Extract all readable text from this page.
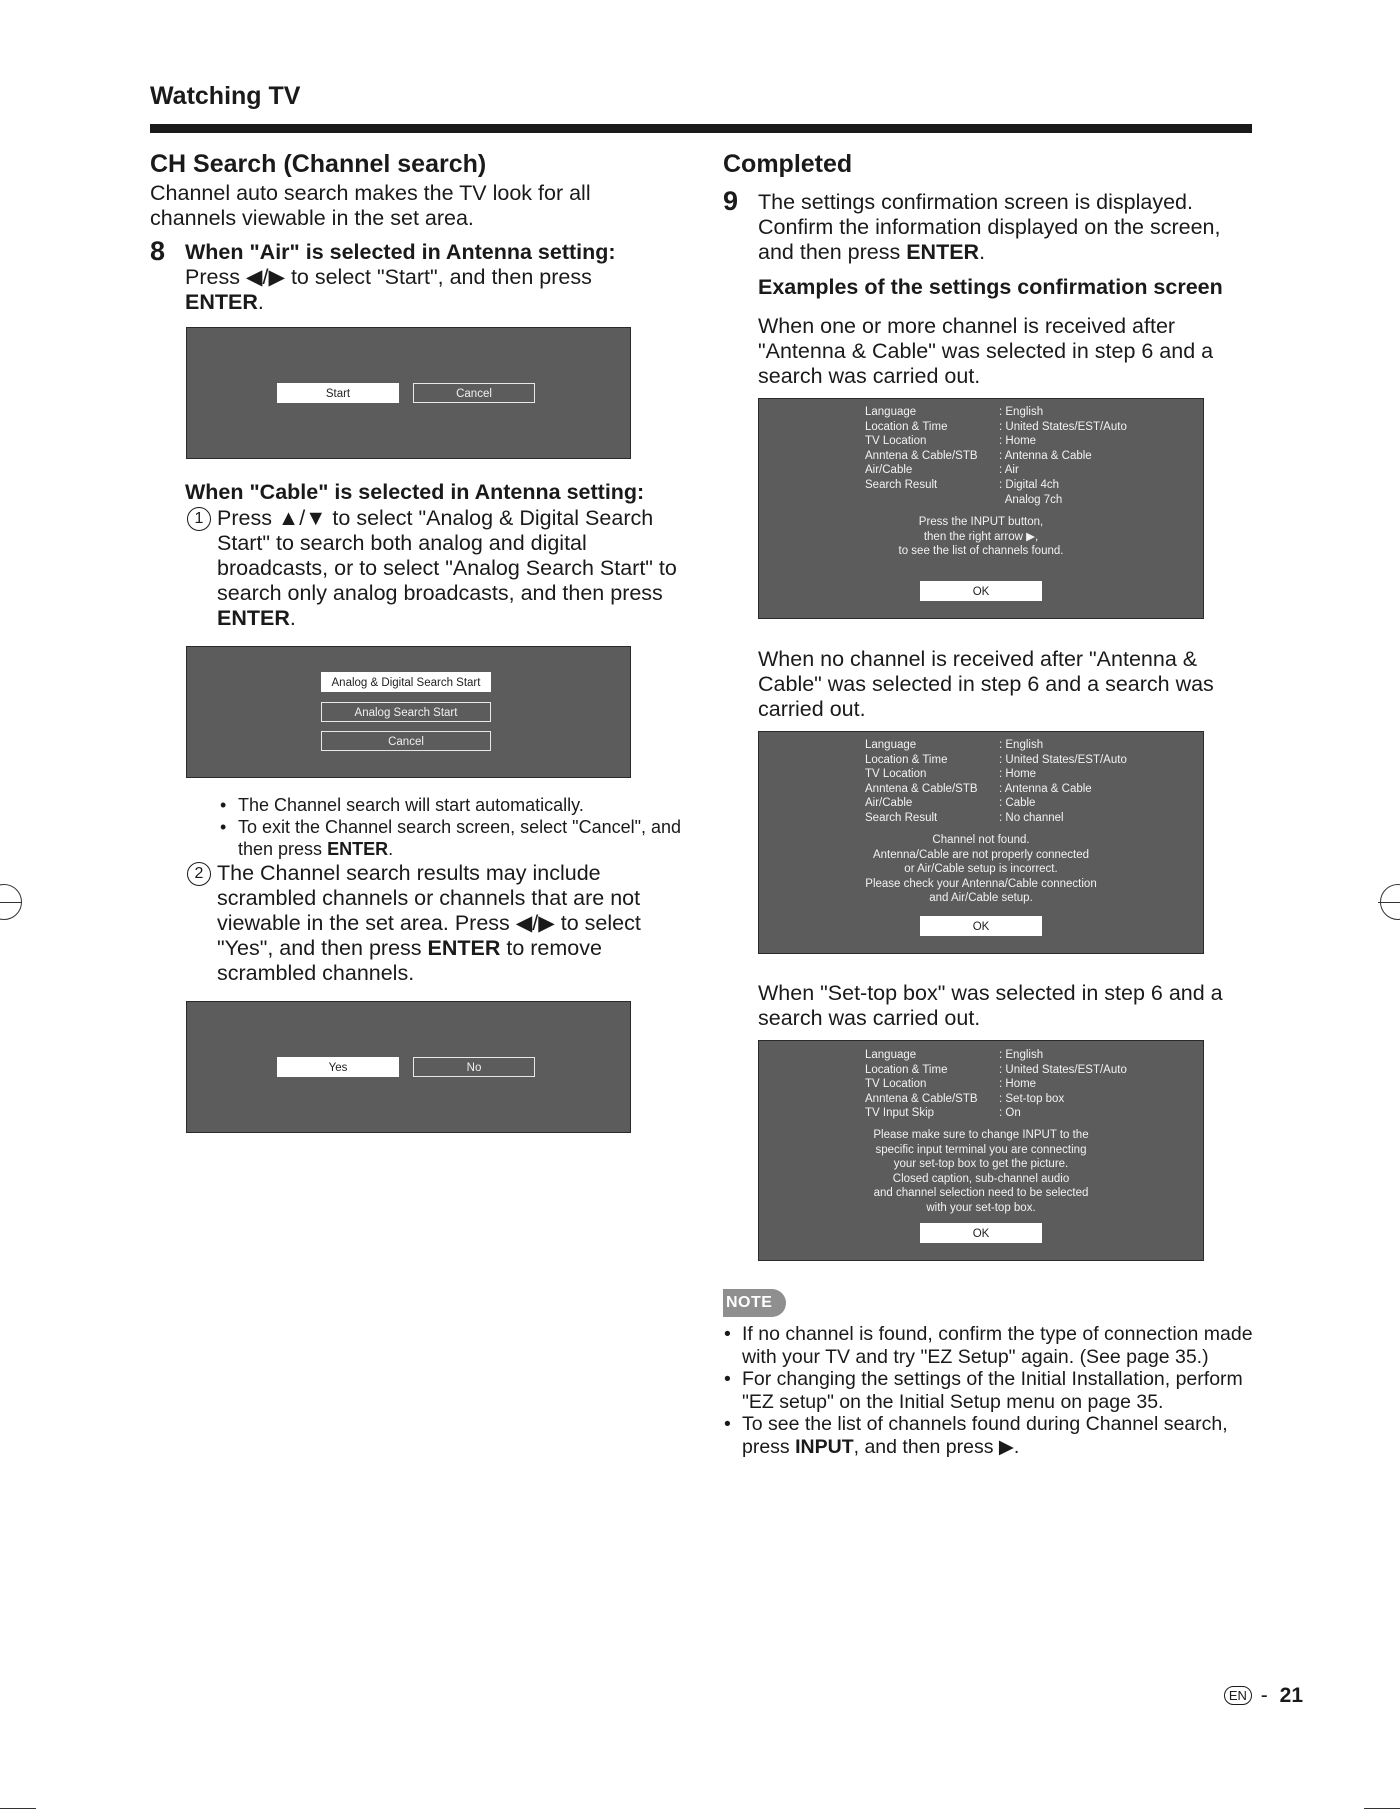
Watching TV
CH Search (Channel search)
Channel auto search makes the TV look for all channels viewable in the set area.
8 When "Air" is selected in Antenna setting:
Press ◀/▶ to select "Start", and then press ENTER.
Start	Cancel
When "Cable" is selected in Antenna setting:
1 Press ▲/▼ to select "Analog & Digital Search Start" to search both analog and digital broadcasts, or to select "Analog Search Start" to search only analog broadcasts, and then press ENTER.
Analog & Digital Search Start
Analog Search Start
Cancel
• The Channel search will start automatically.
• To exit the Channel search screen, select "Cancel", and then press ENTER.
2 The Channel search results may include scrambled channels or channels that are not viewable in the set area. Press ◀/▶ to select "Yes", and then press ENTER to remove scrambled channels.
Yes	No
Completed
9 The settings confirmation screen is displayed. Confirm the information displayed on the screen, and then press ENTER.
Examples of the settings confirmation screen
When one or more channel is received after "Antenna & Cable" was selected in step 6 and a search was carried out.
Language	: English
Location & Time	: United States/EST/Auto
TV Location	: Home
Anntena & Cable/STB	: Antenna & Cable
Air/Cable	: Air
Search Result	: Digital 4ch
Analog 7ch
Press the INPUT button,
then the right arrow ▶,
to see the list of channels found.
OK
When no channel is received after "Antenna & Cable" was selected in step 6 and a search was carried out.
Language	: English
Location & Time	: United States/EST/Auto
TV Location	: Home
Anntena & Cable/STB	: Antenna & Cable
Air/Cable	: Cable
Search Result	: No channel
Channel not found.
Antenna/Cable are not properly connected
or Air/Cable setup is incorrect.
Please check your Antenna/Cable connection
and Air/Cable setup.
OK
When "Set-top box" was selected in step 6 and a search was carried out.
Language	: English
Location & Time	: United States/EST/Auto
TV Location	: Home
Anntena & Cable/STB	: Set-top box
TV Input Skip	: On
Please make sure to change INPUT to the
specific input terminal you are connecting
your set-top box to get the picture.
Closed caption, sub-channel audio
and channel selection need to be selected
with your set-top box.
OK
NOTE
• If no channel is found, confirm the type of connection made with your TV and try "EZ Setup" again. (See page 35.)
• For changing the settings of the Initial Installation, perform "EZ setup" on the Initial Setup menu on page 35.
• To see the list of channels found during Channel search, press INPUT, and then press ▶.
EN - 21
